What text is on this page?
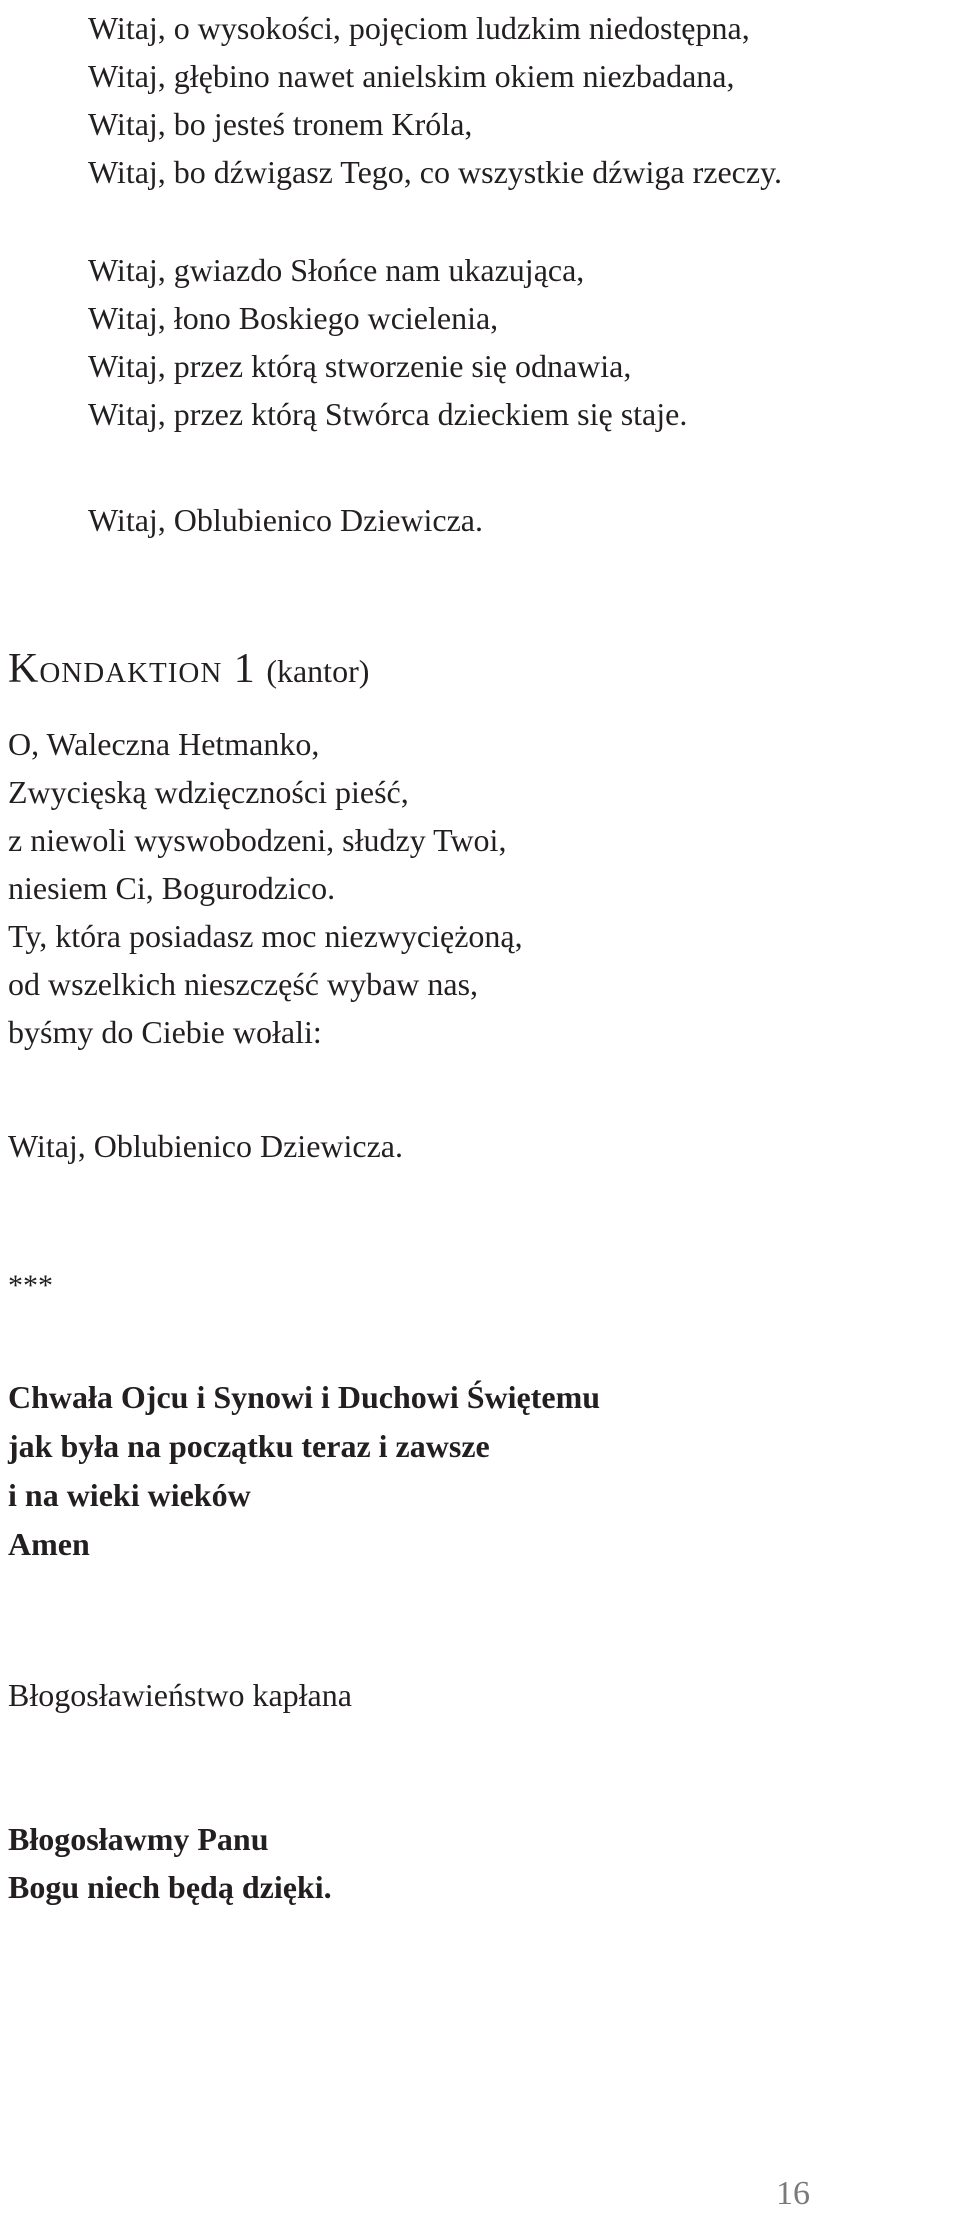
Witaj, o wysokości, pojęciom ludzkim niedostępna,
Witaj, głębino nawet anielskim okiem niezbadana,
Witaj, bo jesteś tronem Króla,
Witaj, bo dźwigasz Tego, co wszystkie dźwiga rzeczy.
Witaj, gwiazdo Słońce nam ukazująca,
Witaj, łono Boskiego wcielenia,
Witaj, przez którą stworzenie się odnawia,
Witaj, przez którą Stwórca dzieckiem się staje.
Witaj, Oblubienico Dziewicza.
Kondaktion 1 (kantor)
O, Waleczna Hetmanko,
Zwycięską wdzięczności pieść,
z niewoli wyswobodzeni, słudzy Twoi,
niesiem Ci, Bogurodzico.
Ty, która posiadasz moc niezwyciężoną,
od wszelkich nieszczęść wybaw nas,
byśmy do Ciebie wołali:
Witaj, Oblubienico Dziewicza.
***
Chwała Ojcu i Synowi i Duchowi Świętemu
jak była na początku teraz i zawsze
i na wieki wieków
Amen
Błogosławieństwo kapłana
Błogosławmy Panu
Bogu niech będą dzięki.
16
